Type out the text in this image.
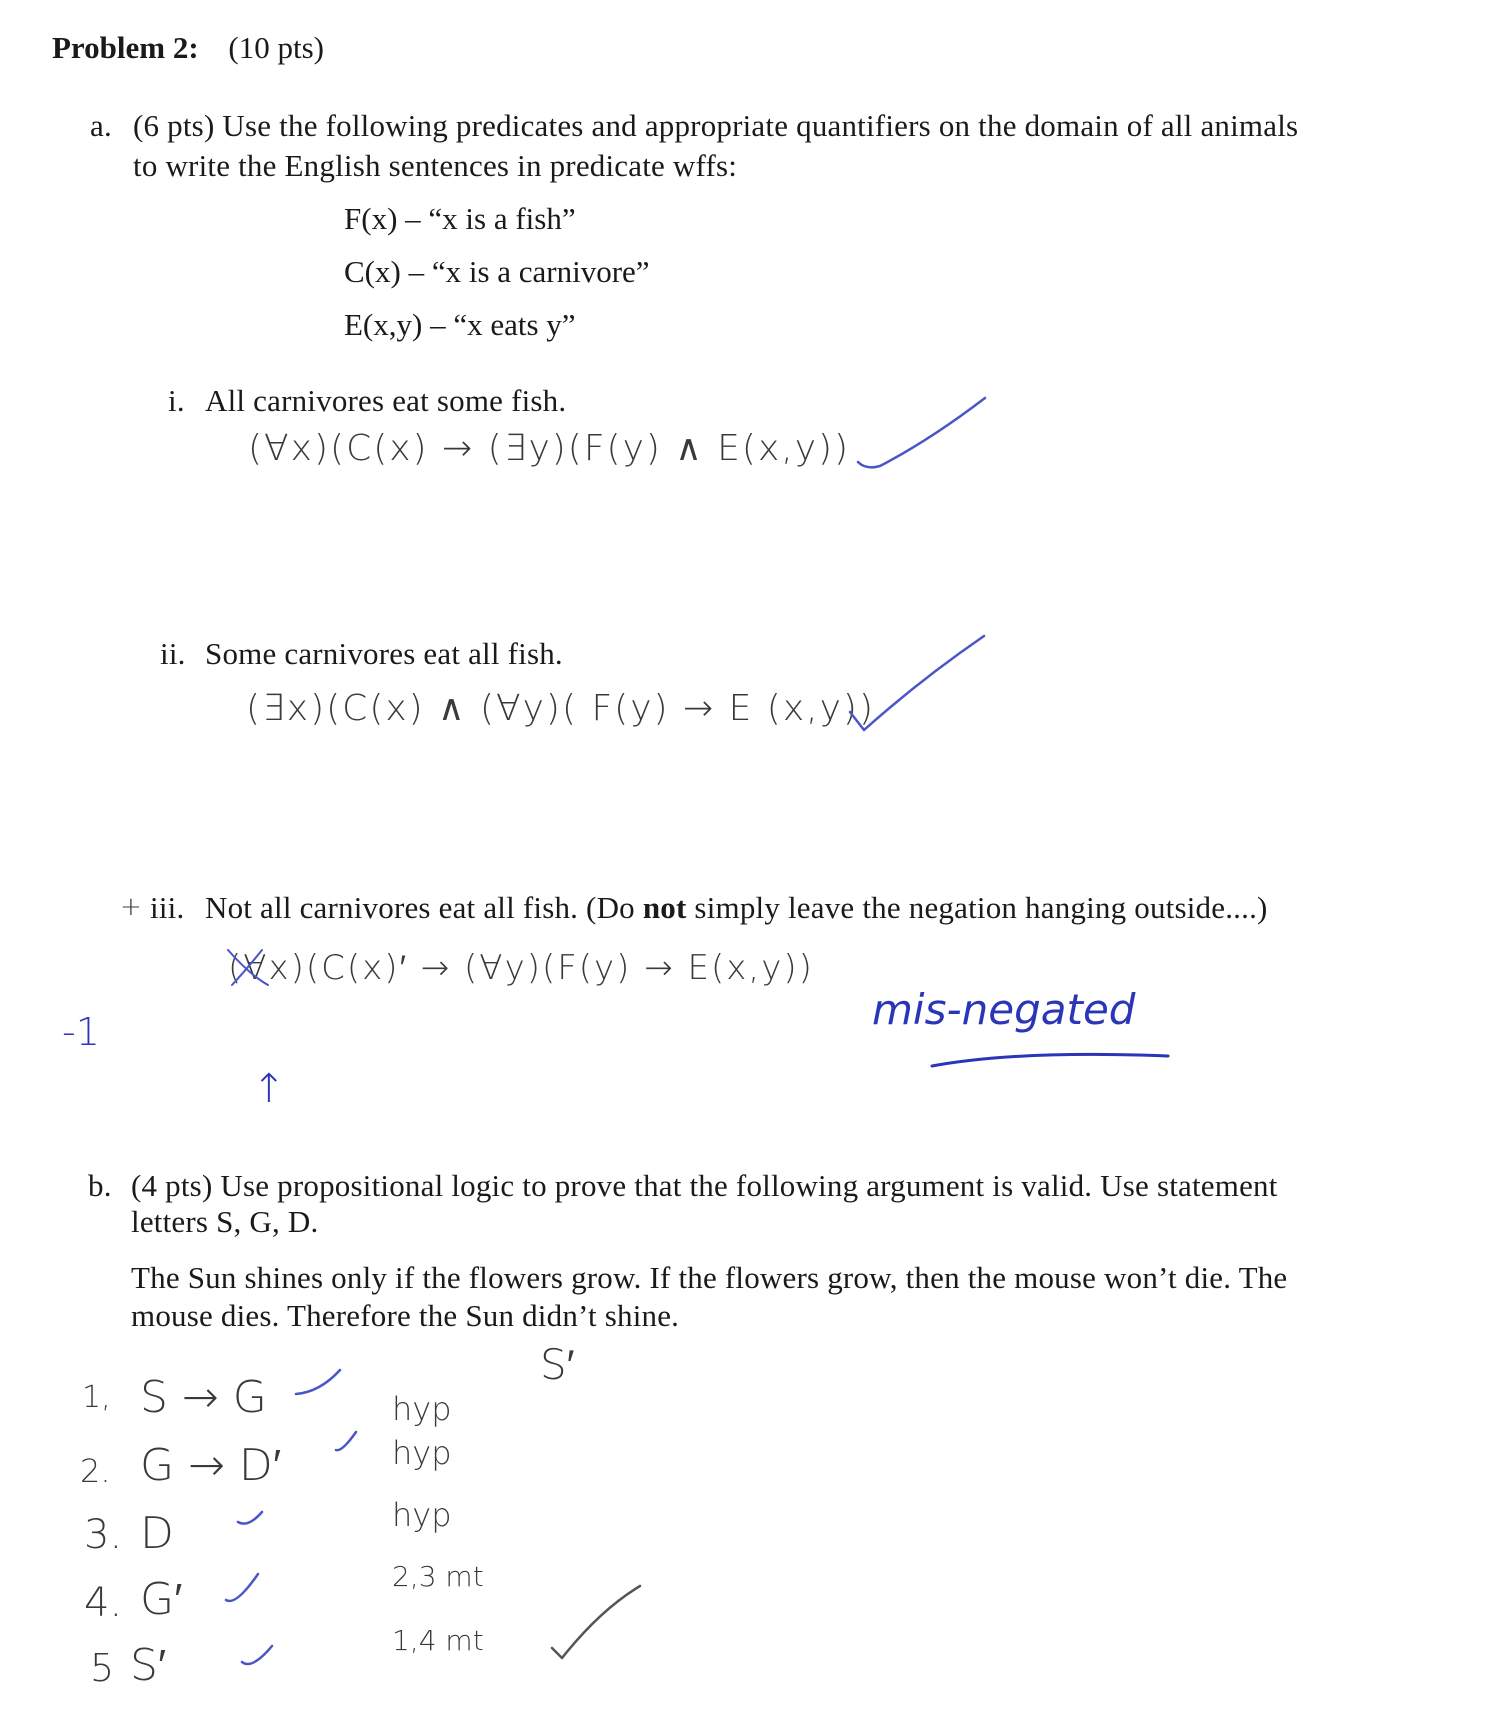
Problem 2: (10 pts)
a. (6 pts) Use the following predicates and appropriate quantifiers on the domain of all animals
to write the English sentences in predicate wffs:
F(x) – “x is a fish”
C(x) – “x is a carnivore”
E(x,y) – “x eats y”
i. All carnivores eat some fish.
(∀x)(C(x) → (∃y)(F(y) ∧ E(x,y))
ii. Some carnivores eat all fish.
(∃x)(C(x) ∧ (∀y)( F(y) → E (x,y))
+ iii. Not all carnivores eat all fish. (Do not simply leave the negation hanging outside....)
(∀x)(C(x)′ → (∀y)(F(y) → E(x,y))
-1	mis-negated
↑
b. (4 pts) Use propositional logic to prove that the following argument is valid. Use statement
letters S, G, D.
The Sun shines only if the flowers grow. If the flowers grow, then the mouse won’t die. The
mouse dies. Therefore the Sun didn’t shine.
S′
1, S → G	hyp
2. G → D′	hyp
3. D	hyp
4. G′	2,3 mt
5 S′	1,4 mt
